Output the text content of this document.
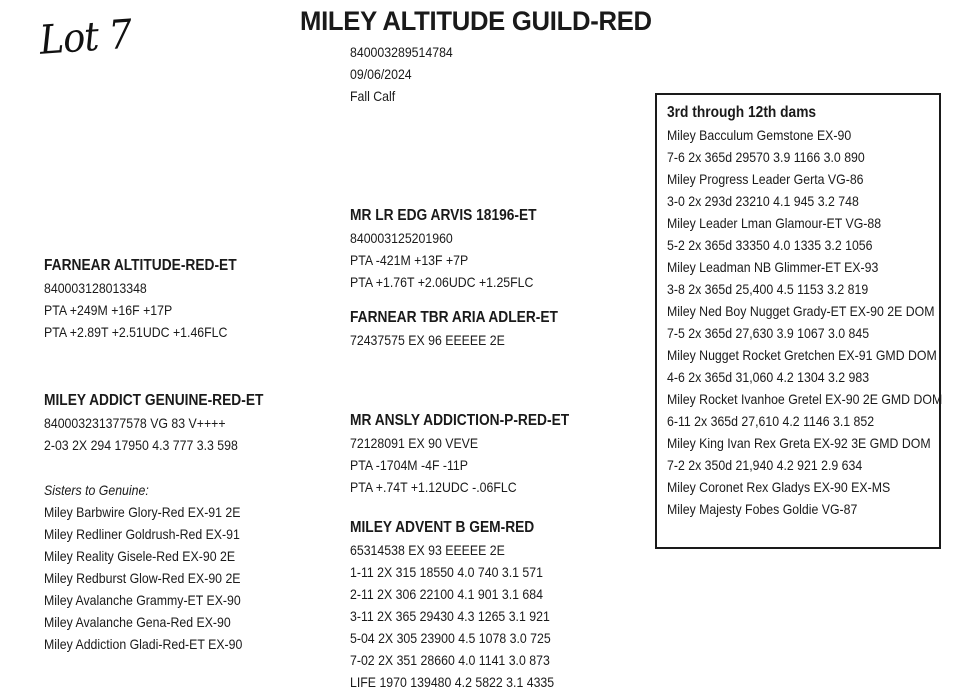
Lot 7	MILEY ALTITUDE GUILD-RED
840003289514784
09/06/2024
Fall Calf
FARNEAR ALTITUDE-RED-ET
840003128013348
PTA +249M +16F +17P
PTA +2.89T +2.51UDC +1.46FLC
MR LR EDG ARVIS 18196-ET
840003125201960
PTA -421M +13F +7P
PTA +1.76T +2.06UDC +1.25FLC
FARNEAR TBR ARIA ADLER-ET
72437575 EX 96 EEEEE 2E
MILEY ADDICT GENUINE-RED-ET
840003231377578 VG 83 V++++
2-03 2X 294 17950 4.3 777 3.3 598
Sisters to Genuine:
Miley Barbwire Glory-Red EX-91 2E
Miley Redliner Goldrush-Red EX-91
Miley Reality Gisele-Red EX-90 2E
Miley Redburst Glow-Red EX-90 2E
Miley Avalanche Grammy-ET EX-90
Miley Avalanche Gena-Red EX-90
Miley Addiction Gladi-Red-ET EX-90
MR ANSLY ADDICTION-P-RED-ET
72128091 EX 90 VEVE
PTA -1704M -4F -11P
PTA +.74T +1.12UDC -.06FLC
MILEY ADVENT B GEM-RED
65314538 EX 93 EEEEE 2E
1-11 2X 315 18550 4.0 740 3.1 571
2-11 2X 306 22100 4.1 901 3.1 684
3-11 2X 365 29430 4.3 1265 3.1 921
5-04 2X 305 23900 4.5 1078 3.0 725
7-02 2X 351 28660 4.0 1141 3.0 873
LIFE 1970 139480 4.2 5822 3.1 4335
3rd through 12th dams
Miley Bacculum Gemstone EX-90
7-6 2x 365d 29570 3.9 1166 3.0 890
Miley Progress Leader Gerta VG-86
3-0 2x 293d 23210 4.1 945 3.2 748
Miley Leader Lman Glamour-ET VG-88
5-2 2x 365d 33350 4.0 1335 3.2 1056
Miley Leadman NB Glimmer-ET EX-93
3-8 2x 365d 25,400 4.5 1153 3.2 819
Miley Ned Boy Nugget Grady-ET EX-90 2E DOM
7-5 2x 365d 27,630 3.9 1067 3.0 845
Miley Nugget Rocket Gretchen EX-91 GMD DOM
4-6 2x 365d 31,060 4.2 1304 3.2 983
Miley Rocket Ivanhoe Gretel EX-90 2E GMD DOM
6-11 2x 365d 27,610 4.2 1146 3.1 852
Miley King Ivan Rex Greta EX-92 3E GMD DOM
7-2 2x 350d 21,940 4.2 921 2.9 634
Miley Coronet Rex Gladys EX-90 EX-MS
Miley Majesty Fobes Goldie VG-87
